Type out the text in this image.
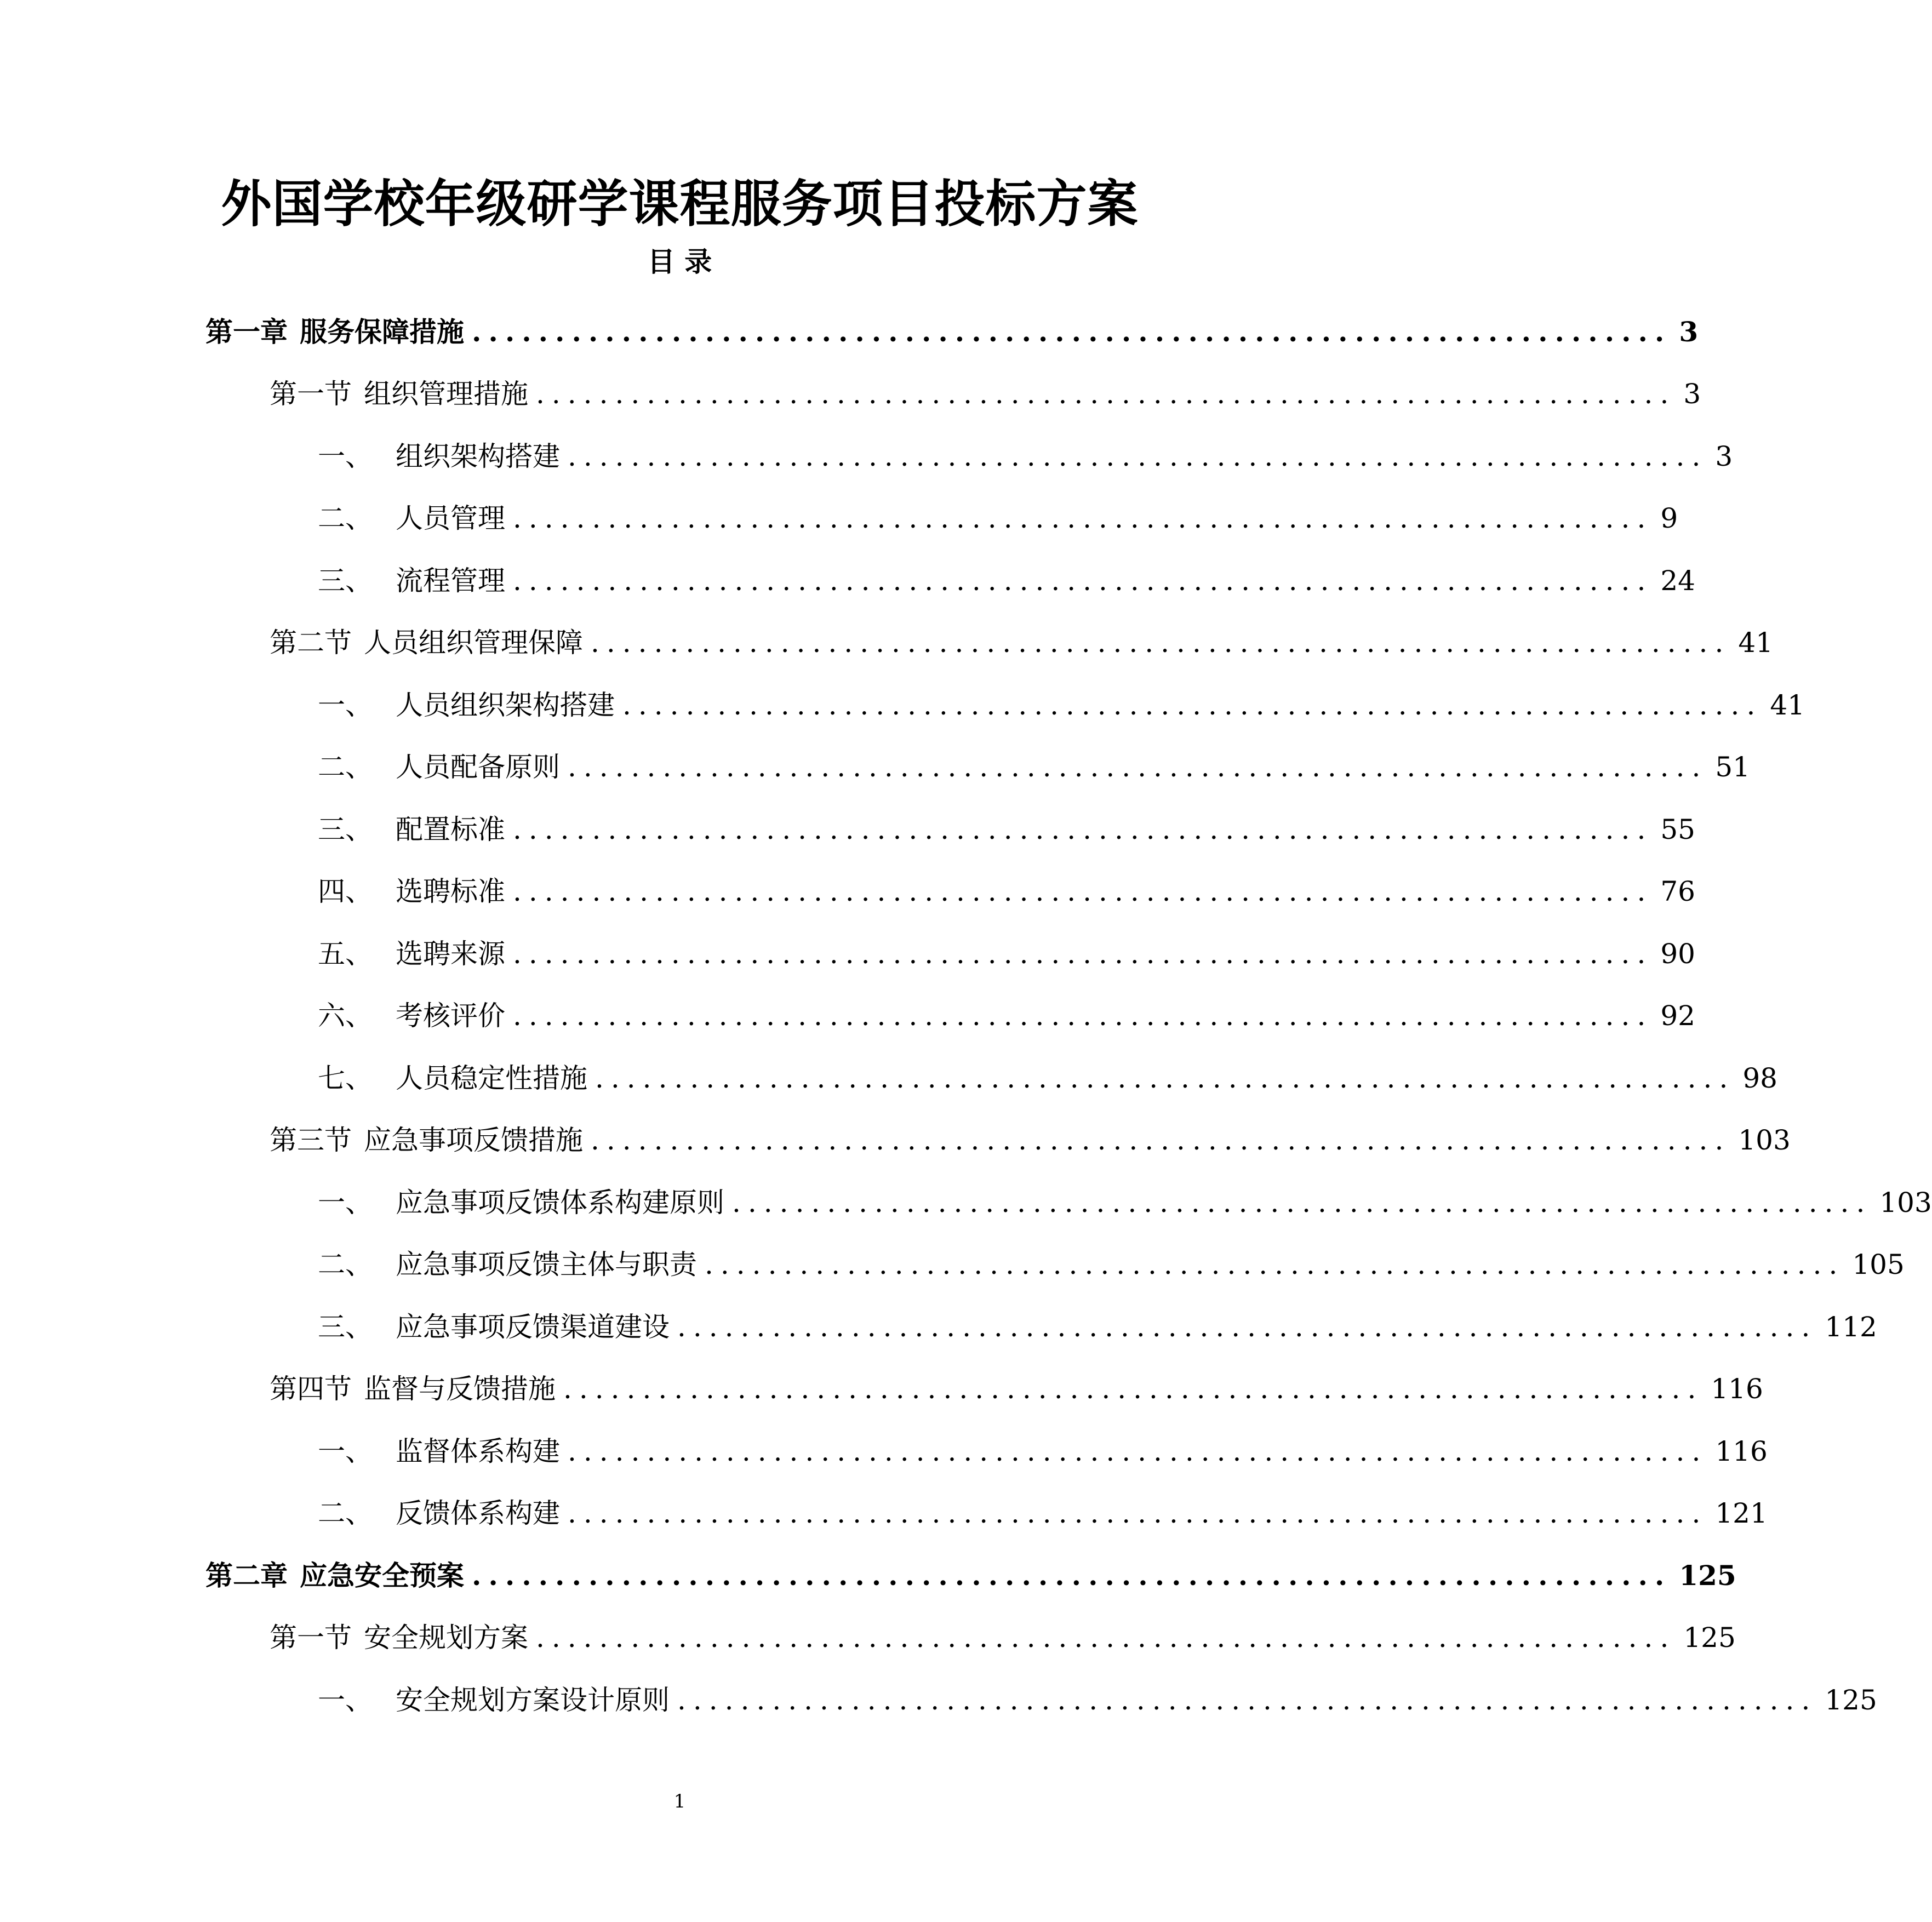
外国学校年级研学课程服务项目投标方案
目 录
第一章 服务保障措施 ........................................................................ 3
第一节 组织管理措施 ........................................................................ 3
一、 组织架构搭建 ........................................................................ 3
二、 人员管理 ........................................................................ 9
三、 流程管理 ........................................................................ 24
第二节 人员组织管理保障 ........................................................................ 41
一、 人员组织架构搭建 ........................................................................ 41
二、 人员配备原则 ........................................................................ 51
三、 配置标准 ........................................................................ 55
四、 选聘标准 ........................................................................ 76
五、 选聘来源 ........................................................................ 90
六、 考核评价 ........................................................................ 92
七、 人员稳定性措施 ........................................................................ 98
第三节 应急事项反馈措施 ........................................................................ 103
一、 应急事项反馈体系构建原则 ........................................................................ 103
二、 应急事项反馈主体与职责 ........................................................................ 105
三、 应急事项反馈渠道建设 ........................................................................ 112
第四节 监督与反馈措施 ........................................................................ 116
一、 监督体系构建 ........................................................................ 116
二、 反馈体系构建 ........................................................................ 121
第二章 应急安全预案 ........................................................................ 125
第一节 安全规划方案 ........................................................................ 125
一、 安全规划方案设计原则 ........................................................................ 125
1
